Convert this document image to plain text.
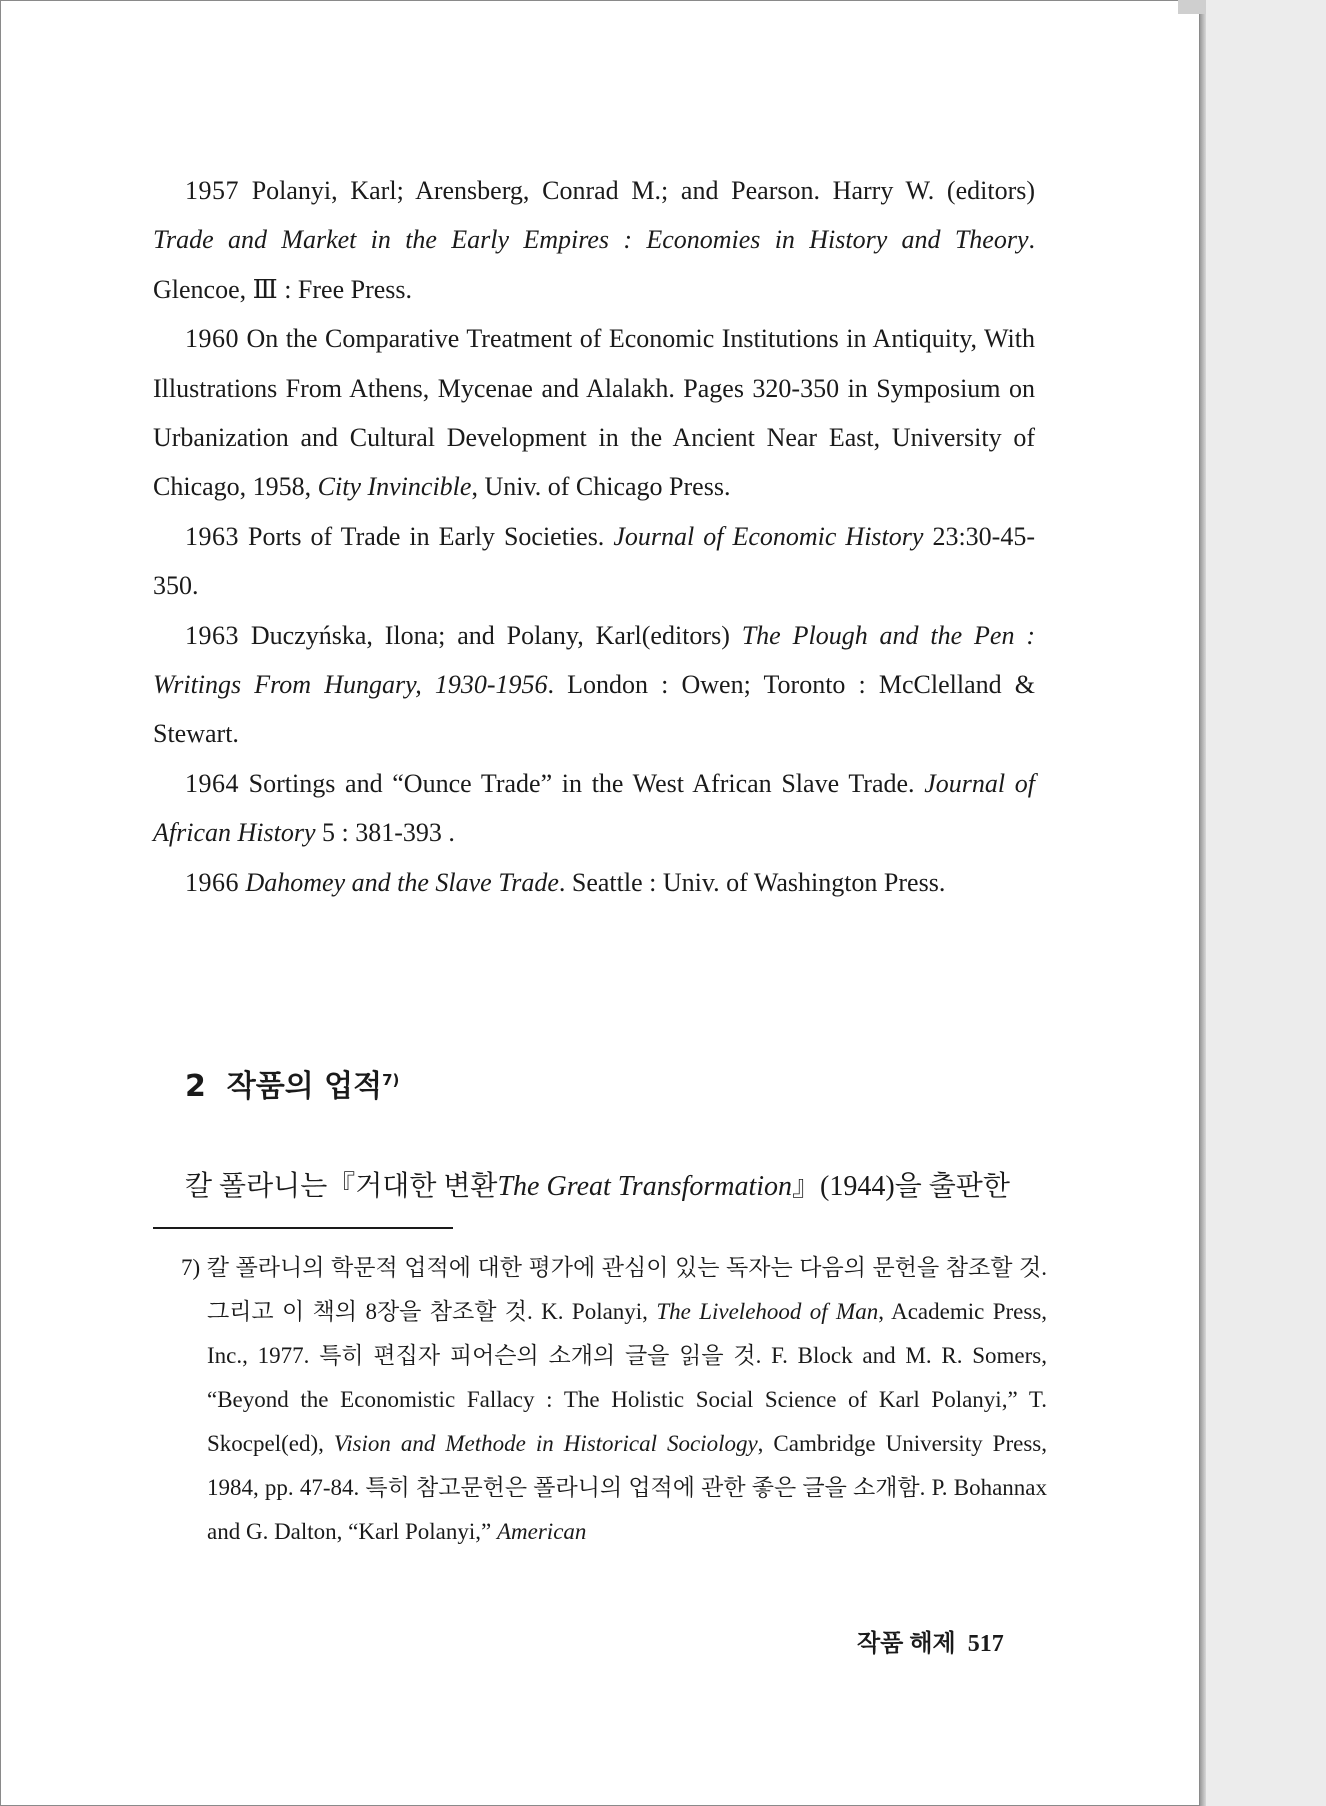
1957 Polanyi, Karl; Arensberg, Conrad M.; and Pearson. Harry W. (editors) Trade and Market in the Early Empires : Economies in History and Theory. Glencoe, Ⅲ : Free Press.

1960 On the Comparative Treatment of Economic Institutions in Antiquity, With Illustrations From Athens, Mycenae and Alalakh. Pages 320-350 in Symposium on Urbanization and Cultural Development in the Ancient Near East, University of Chicago, 1958, City Invincible, Univ. of Chicago Press.

1963 Ports of Trade in Early Societies. Journal of Economic History 23:30-45-350.

1963 Duczyńska, Ilona; and Polany, Karl(editors) The Plough and the Pen : Writings From Hungary, 1930-1956. London : Owen; Toronto : McClelland & Stewart.

1964 Sortings and “Ounce Trade” in the West African Slave Trade. Journal of African History 5 : 381-393 .

1966 Dahomey and the Slave Trade. Seattle : Univ. of Washington Press.

2 작품의 업적$^{7)}$
칼 폴라니는『거대한 변환The Great Transformation』(1944)을 출판한

7) 칼 폴라니의 학문적 업적에 대한 평가에 관심이 있는 독자는 다음의 문헌을 참조할 것. 그리고 이 책의 8장을 참조할 것. K. Polanyi, The Livelehood of Man, Academic Press, Inc., 1977. 특히 편집자 피어슨의 소개의 글을 읽을 것. F. Block and M. R. Somers, “Beyond the Economistic Fallacy : The Holistic Social Science of Karl Polanyi,” T. Skocpel(ed), Vision and Methode in Historical Sociology, Cambridge University Press, 1984, pp. 47-84. 특히 참고문헌은 폴라니의 업적에 관한 좋은 글을 소개함. P. Bohannax and G. Dalton, “Karl Polanyi,” American

작품 해제 517
